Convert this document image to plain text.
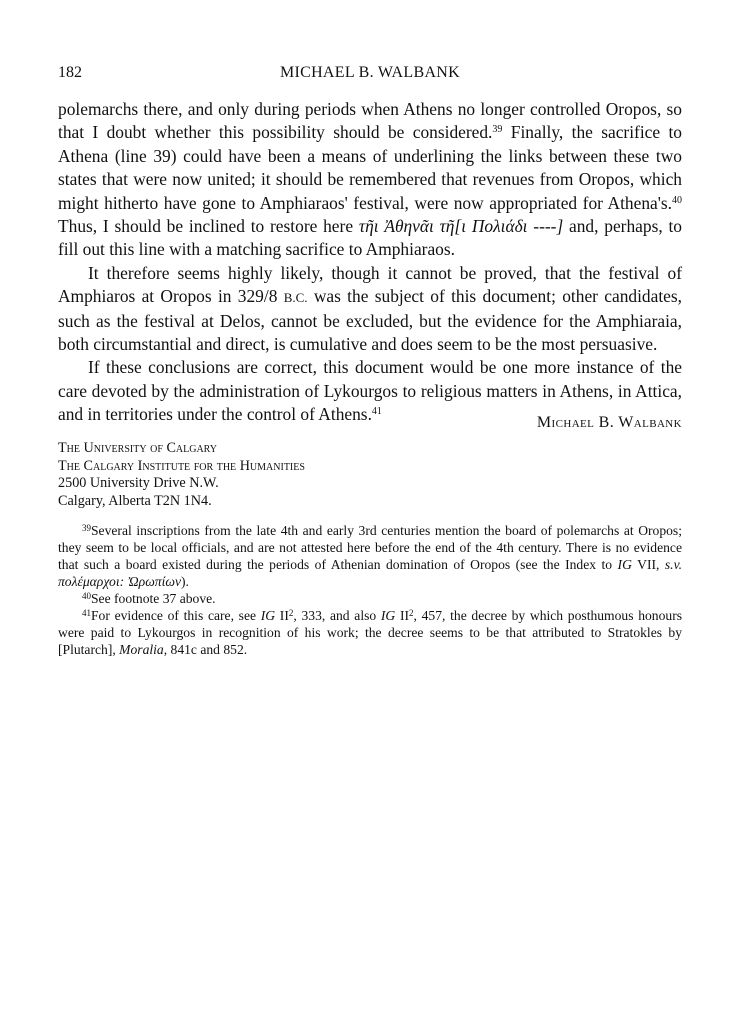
182	MICHAEL B. WALBANK

polemarchs there, and only during periods when Athens no longer controlled Oropos, so that I doubt whether this possibility should be considered.$^{39}$ Finally, the sacrifice to Athena (line 39) could have been a means of underlining the links between these two states that were now united; it should be remembered that revenues from Oropos, which might hitherto have gone to Amphiaraos' festival, were now appropriated for Athena's.$^{40}$ Thus, I should be inclined to restore here τῆι Ἀθηνᾶι τῆ[ι Πολιάδι ----] and, perhaps, to fill out this line with a matching sacrifice to Amphiaraos.

It therefore seems highly likely, though it cannot be proved, that the festival of Amphiaros at Oropos in 329/8 B.C. was the subject of this document; other candidates, such as the festival at Delos, cannot be excluded, but the evidence for the Amphiaraia, both circumstantial and direct, is cumulative and does seem to be the most persuasive.

If these conclusions are correct, this document would be one more instance of the care devoted by the administration of Lykourgos to religious matters in Athens, in Attica, and in territories under the control of Athens.$^{41}$

Michael B. Walbank
The University of Calgary
The Calgary Institute for the Humanities
2500 University Drive N.W.
Calgary, Alberta T2N 1N4.

$^{39}$Several inscriptions from the late 4th and early 3rd centuries mention the board of polemarchs at Oropos; they seem to be local officials, and are not attested here before the end of the 4th century. There is no evidence that such a board existed during the periods of Athenian domination of Oropos (see the Index to IG VII, s.v. πολέμαρχοι: Ὠρωπίων).

$^{40}$See footnote 37 above.

$^{41}$For evidence of this care, see IG II$^2$, 333, and also IG II$^2$, 457, the decree by which posthumous honours were paid to Lykourgos in recognition of his work; the decree seems to be that attributed to Stratokles by [Plutarch], Moralia, 841c and 852.
